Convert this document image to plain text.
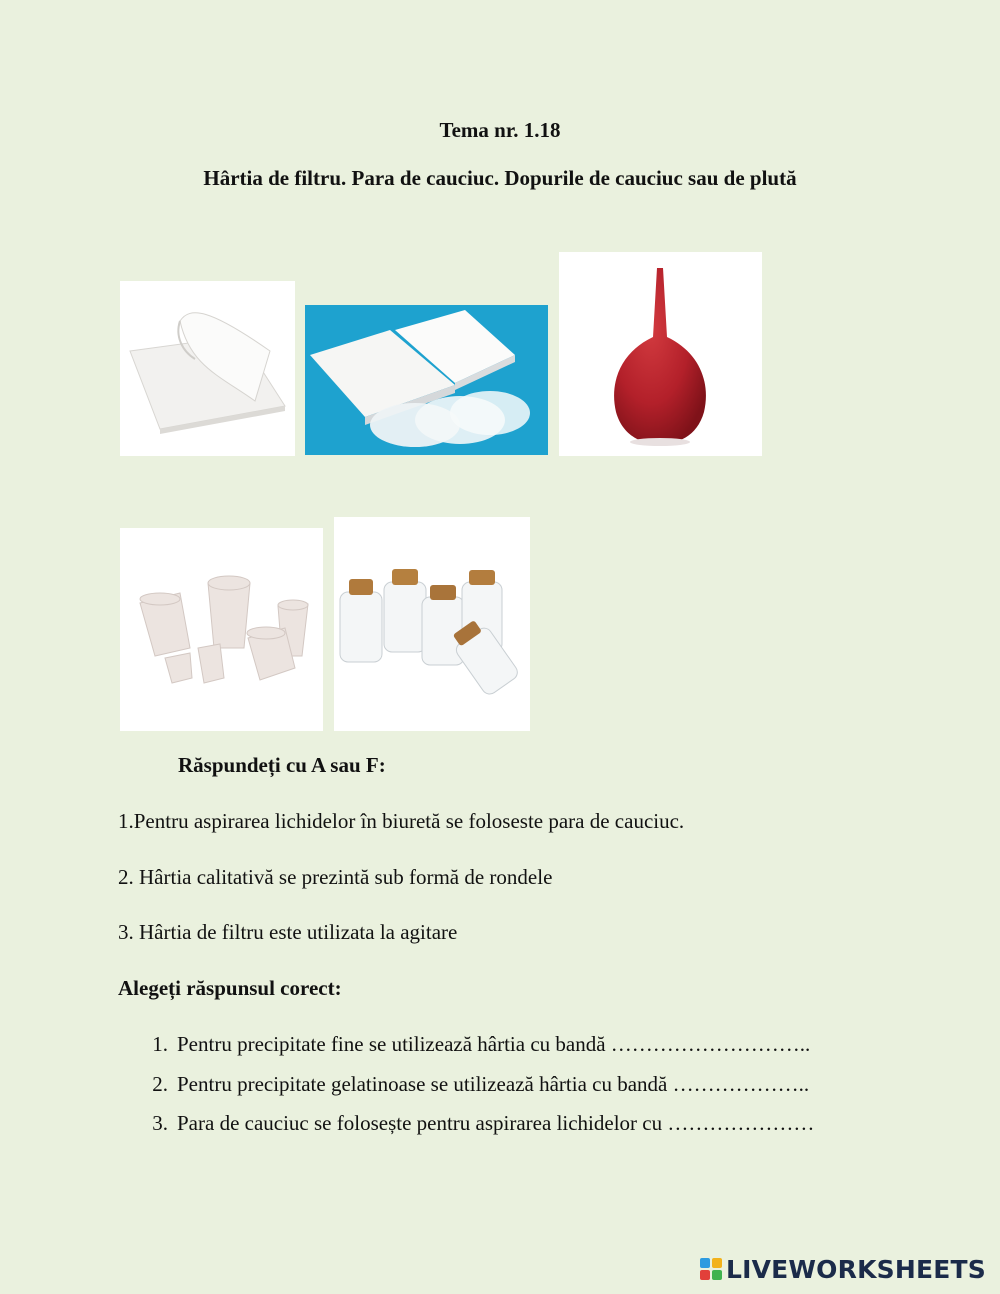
Tema nr. 1.18
Hârtia de filtru. Para de cauciuc. Dopurile de cauciuc sau de plută
Răspundeți cu A sau F:
1.Pentru aspirarea lichidelor în biuretă se foloseste para de cauciuc.
2. Hârtia calitativă se prezintă sub formă de rondele
3. Hârtia de filtru este utilizata la agitare
Alegeți răspunsul corect:
1. Pentru precipitate fine se utilizează hârtia cu bandă ………………………..
2. Pentru precipitate gelatinoase se utilizează hârtia cu bandă ………………..
3. Para de cauciuc se folosește pentru aspirarea lichidelor cu …………………
LIVEWORKSHEETS
